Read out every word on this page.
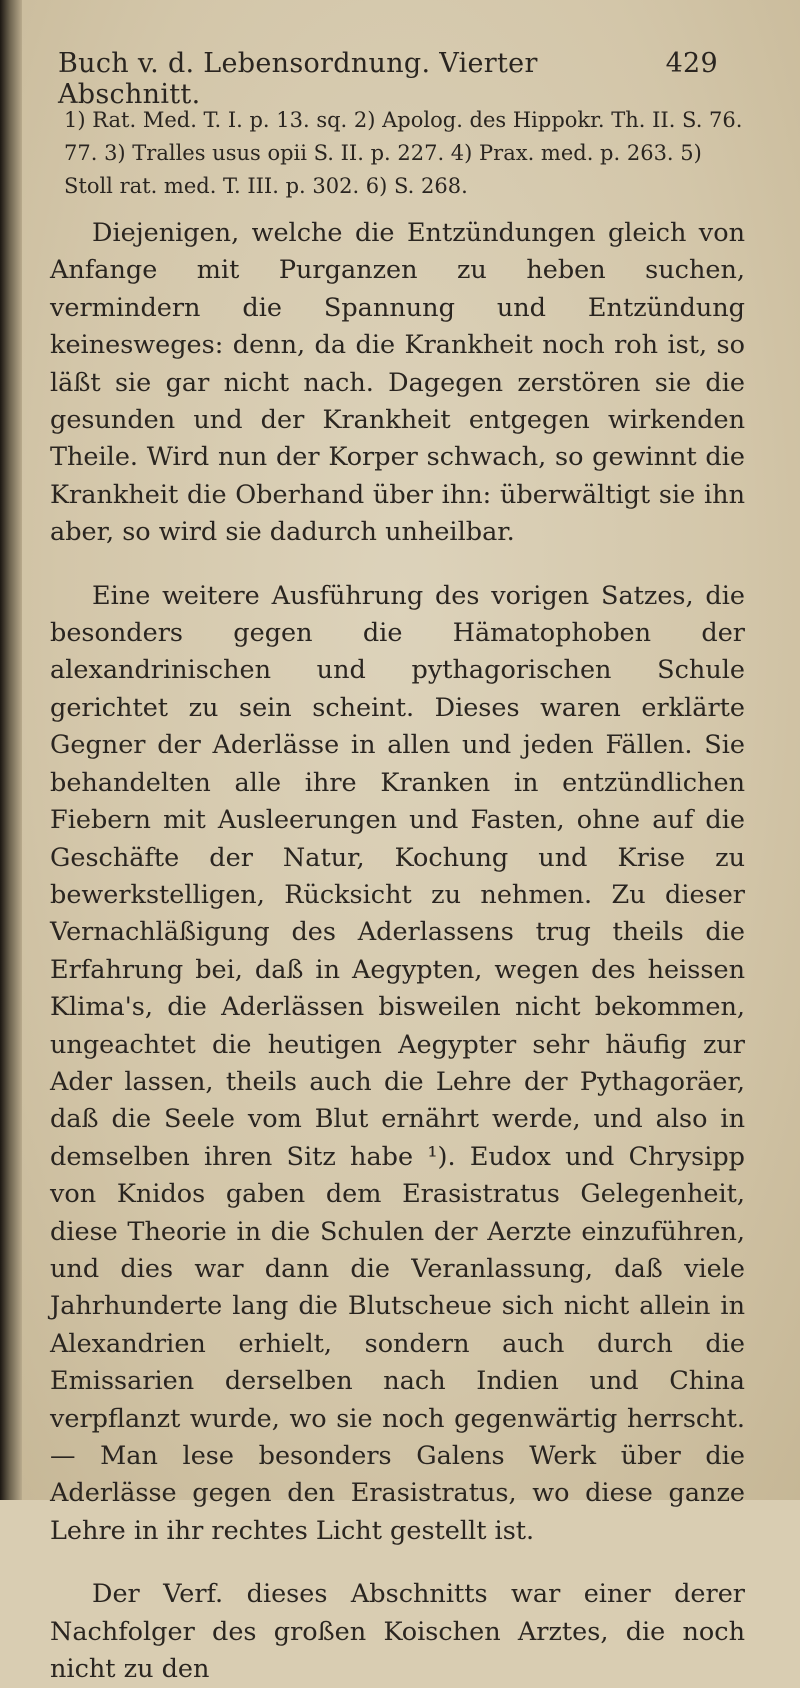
Buch v. d. Lebensordnung. Vierter Abschnitt.
429
1) Rat. Med. T. I. p. 13. sq. 2) Apolog. des Hippokr. Th. II. S. 76. 77. 3) Tralles usus opii S. II. p. 227. 4) Prax. med. p. 263. 5) Stoll rat. med. T. III. p. 302. 6) S. 268.
Diejenigen, welche die Entzündungen gleich von Anfange mit Purganzen zu heben suchen, vermindern die Spannung und Entzündung keinesweges: denn, da die Krankheit noch roh ist, so läßt sie gar nicht nach. Dagegen zerstören sie die gesunden und der Krankheit entgegen wirkenden Theile. Wird nun der Korper schwach, so gewinnt die Krankheit die Oberhand über ihn: überwältigt sie ihn aber, so wird sie dadurch unheilbar.
Eine weitere Ausführung des vorigen Satzes, die besonders gegen die Hämatophoben der alexandrinischen und pythagorischen Schule gerichtet zu sein scheint. Dieses waren erklärte Gegner der Aderlässe in allen und jeden Fällen. Sie behandelten alle ihre Kranken in entzündlichen Fiebern mit Ausleerungen und Fasten, ohne auf die Geschäfte der Natur, Kochung und Krise zu bewerkstelligen, Rücksicht zu nehmen. Zu dieser Vernachläßigung des Aderlassens trug theils die Erfahrung bei, daß in Aegypten, wegen des heissen Klima's, die Aderlässen bisweilen nicht bekommen, ungeachtet die heutigen Aegypter sehr häufig zur Ader lassen, theils auch die Lehre der Pythagoräer, daß die Seele vom Blut ernährt werde, und also in demselben ihren Sitz habe ¹). Eudox und Chrysipp von Knidos gaben dem Erasistratus Gelegenheit, diese Theorie in die Schulen der Aerzte einzuführen, und dies war dann die Veranlassung, daß viele Jahrhunderte lang die Blutscheue sich nicht allein in Alexandrien erhielt, sondern auch durch die Emissarien derselben nach Indien und China verpflanzt wurde, wo sie noch gegenwärtig herrscht. — Man lese besonders Galens Werk über die Aderlässe gegen den Erasistratus, wo diese ganze Lehre in ihr rechtes Licht gestellt ist.
Der Verf. dieses Abschnitts war einer derer Nachfolger des großen Koischen Arztes, die noch nicht zu den
